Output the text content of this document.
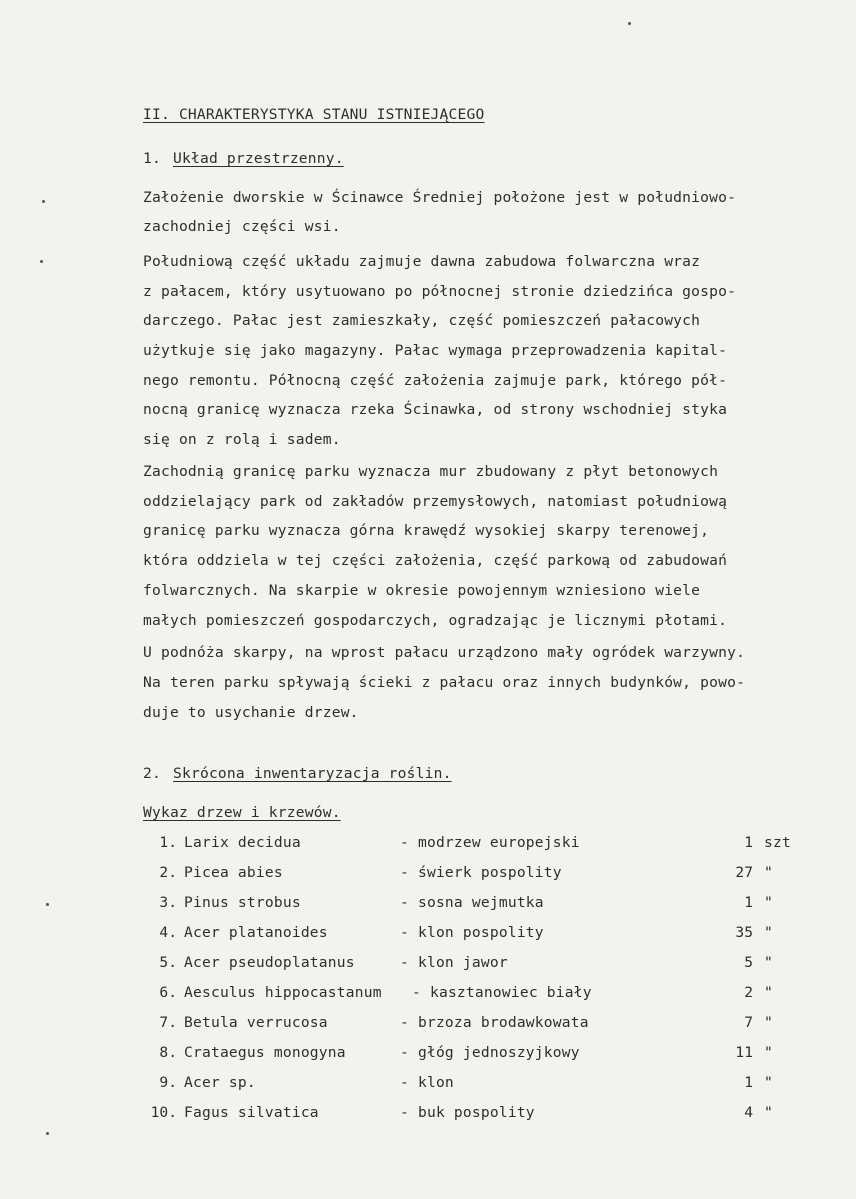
II. CHARAKTERYSTYKA STANU ISTNIEJĄCEGO
1. Układ przestrzenny.
Założenie dworskie w Ścinawce Średniej położone jest w południowo-
zachodniej części wsi.
Południową część układu zajmuje dawna zabudowa folwarczna wraz
z pałacem, który usytuowano po północnej stronie dziedzińca gospo-
darczego. Pałac jest zamieszkały, część pomieszczeń pałacowych
użytkuje się jako magazyny. Pałac wymaga przeprowadzenia kapital-
nego remontu. Północną część założenia zajmuje park, którego pół-
nocną granicę wyznacza rzeka Ścinawka, od strony wschodniej styka
się on z rolą i sadem.
Zachodnią granicę parku wyznacza mur zbudowany z płyt betonowych
oddzielający park od zakładów przemysłowych, natomiast południową
granicę parku wyznacza górna krawędź wysokiej skarpy terenowej,
która oddziela w tej części założenia, część parkową od zabudowań
folwarcznych. Na skarpie w okresie powojennym wzniesiono wiele
małych pomieszczeń gospodarczych, ogradzając je licznymi płotami.
U podnóża skarpy, na wprost pałacu urządzono mały ogródek warzywny.
Na teren parku spływają ścieki z pałacu oraz innych budynków, powo-
duje to usychanie drzew.
2. Skrócona inwentaryzacja roślin.
Wykaz drzew i krzewów.
1. Larix decidua	- modrzew europejski	1 szt
2. Picea abies	- świerk pospolity	27 "
3. Pinus strobus	- sosna wejmutka	1 "
4. Acer platanoides	- klon pospolity	35 "
5. Acer pseudoplatanus	- klon jawor	5 "
6. Aesculus hippocastanum - kasztanowiec biały	2 "
7. Betula verrucosa	- brzoza brodawkowata	7 "
8. Crataegus monogyna	- głóg jednoszyjkowy	11 "
9. Acer sp.	- klon	1 "
10. Fagus silvatica	- buk pospolity	4 "
